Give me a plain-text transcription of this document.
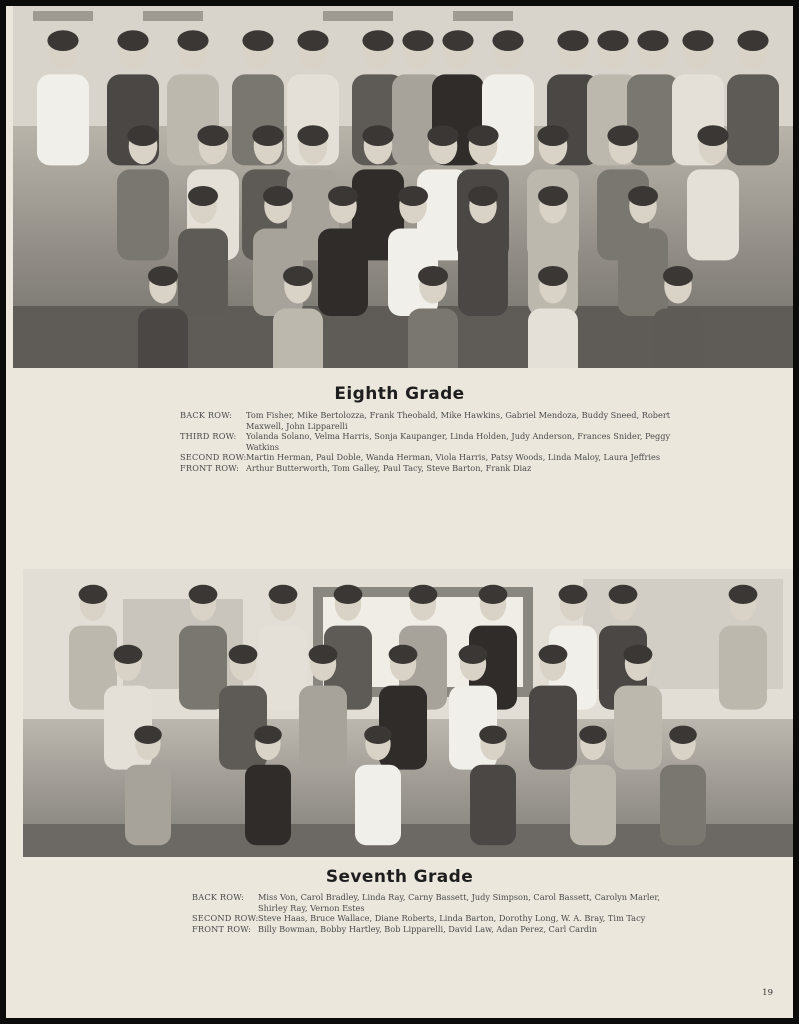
Eighth Grade
BACK ROW:	Tom Fisher, Mike Bertolozza, Frank Theobald, Mike Hawkins, Gabriel Mendoza, Buddy Sneed, Robert Maxwell, John Lipparelli
THIRD ROW:	Yolanda Solano, Velma Harris, Sonja Kaupanger, Linda Holden, Judy Anderson, Frances Snider, Peggy Watkins
SECOND ROW: Martin Herman, Paul Doble, Wanda Herman, Viola Harris, Patsy Woods, Linda Maloy, Laura Jeffries
FRONT ROW: Arthur Butterworth, Tom Galley, Paul Tacy, Steve Barton, Frank Diaz
Seventh Grade
BACK ROW:	Miss Von, Carol Bradley, Linda Ray, Carny Bassett, Judy Simpson, Carol Bassett, Carolyn Marler, Shirley Ray, Vernon Estes
SECOND ROW: Steve Haas, Bruce Wallace, Diane Roberts, Linda Barton, Dorothy Long, W. A. Bray, Tim Tacy
FRONT ROW: Billy Bowman, Bobby Hartley, Bob Lipparelli, David Law, Adan Perez, Carl Cardin
19
